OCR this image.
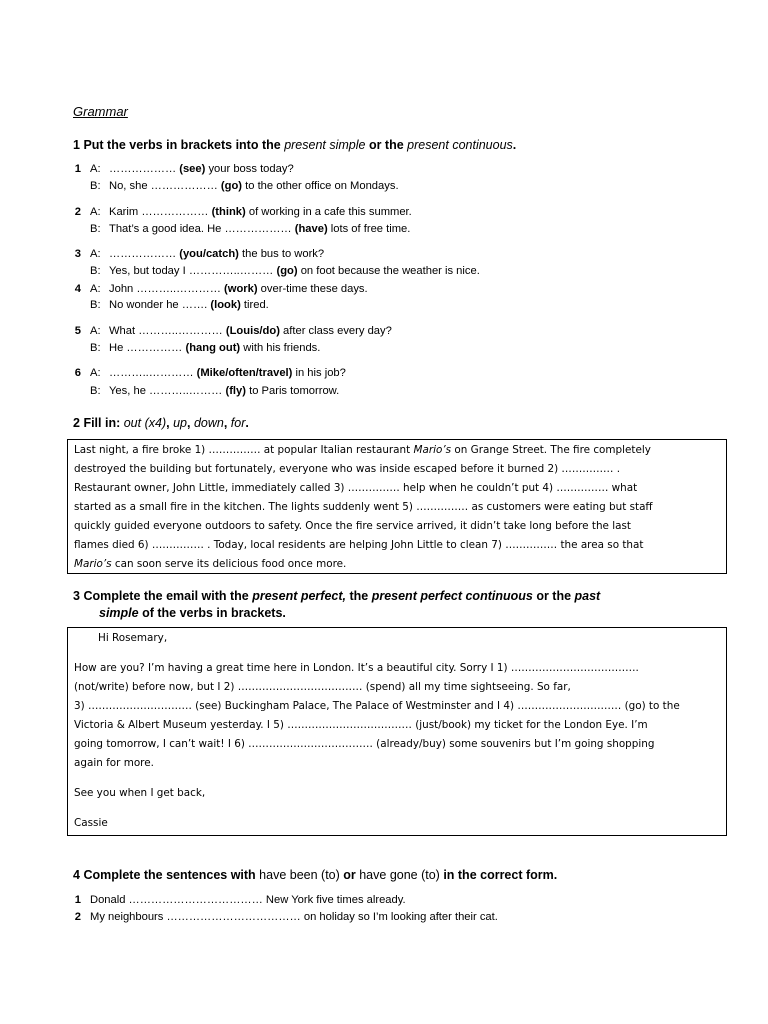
Grammar
1 Put the verbs in brackets into the present simple or the present continuous.
1 A: ……………… (see) your boss today?
B: No, she ……………… (go) to the other office on Mondays.
2 A: Karim ……………… (think) of working in a cafe this summer.
B: That’s a good idea. He ……………… (have) lots of free time.
3 A: ……………… (you/catch) the bus to work?
B: Yes, but today I …………..……… (go) on foot because the weather is nice.
4 A: John ………..………… (work) over-time these days.
B: No wonder he ……. (look) tired.
5 A: What ………..………… (Louis/do) after class every day?
B: He …………… (hang out) with his friends.
6 A: ………..………… (Mike/often/travel) in his job?
B: Yes, he ………..……… (fly) to Paris tomorrow.
2 Fill in: out (x4), up, down, for.
Last night, a fire broke 1) …………… at popular Italian restaurant Mario’s on Grange Street. The fire completely
destroyed the building but fortunately, everyone who was inside escaped before it burned 2) …………… .
Restaurant owner, John Little, immediately called 3) …………… help when he couldn’t put 4) …………… what
started as a small fire in the kitchen. The lights suddenly went 5) …………… as customers were eating but staff
quickly guided everyone outdoors to safety. Once the fire service arrived, it didn’t take long before the last
flames died 6) …………… . Today, local residents are helping John Little to clean 7) …………… the area so that
Mario’s can soon serve its delicious food once more.
3 Complete the email with the present perfect, the present perfect continuous or the past
simple of the verbs in brackets.
Hi Rosemary,
How are you? I’m having a great time here in London. It’s a beautiful city. Sorry I 1) ……………………………….
(not/write) before now, but I 2) ……………………………… (spend) all my time sightseeing. So far,
3) ………………………… (see) Buckingham Palace, The Palace of Westminster and I 4) ………………………… (go) to the
Victoria & Albert Museum yesterday. I 5) ……………………………… (just/book) my ticket for the London Eye. I’m
going tomorrow, I can’t wait! I 6) ……………………………… (already/buy) some souvenirs but I’m going shopping
again for more.
See you when I get back,
Cassie
4 Complete the sentences with have been (to) or have gone (to) in the correct form.
1 Donald ……………………………… New York five times already.
2 My neighbours ……………………………… on holiday so I’m looking after their cat.
